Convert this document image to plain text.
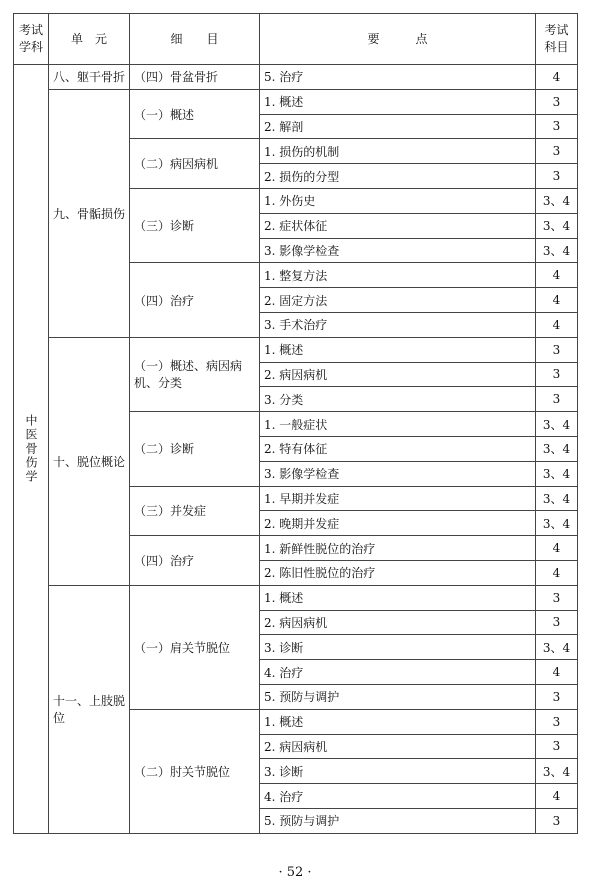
考试学科	单　元	细　　目	要　　　点	考试科目

中医骨伤学	八、躯干骨折	（四）骨盆骨折	5. 治疗	4
	九、骨骺损伤	（一）概述	1. 概述	3
			2. 解剖	3
		（二）病因病机	1. 损伤的机制	3
			2. 损伤的分型	3
		（三）诊断	1. 外伤史	3、4
			2. 症状体征	3、4
			3. 影像学检查	3、4
		（四）治疗	1. 整复方法	4
			2. 固定方法	4
			3. 手术治疗	4
	十、脱位概论	（一）概述、病因病机、分类	1. 概述	3
			2. 病因病机	3
			3. 分类	3
		（二）诊断	1. 一般症状	3、4
			2. 特有体征	3、4
			3. 影像学检查	3、4
		（三）并发症	1. 早期并发症	3、4
			2. 晚期并发症	3、4
		（四）治疗	1. 新鲜性脱位的治疗	4
			2. 陈旧性脱位的治疗	4
	十一、上肢脱位	（一）肩关节脱位	1. 概述	3
			2. 病因病机	3
			3. 诊断	3、4
			4. 治疗	4
			5. 预防与调护	3
		（二）肘关节脱位	1. 概述	3
			2. 病因病机	3
			3. 诊断	3、4
			4. 治疗	4
			5. 预防与调护	3
· 52 ·
